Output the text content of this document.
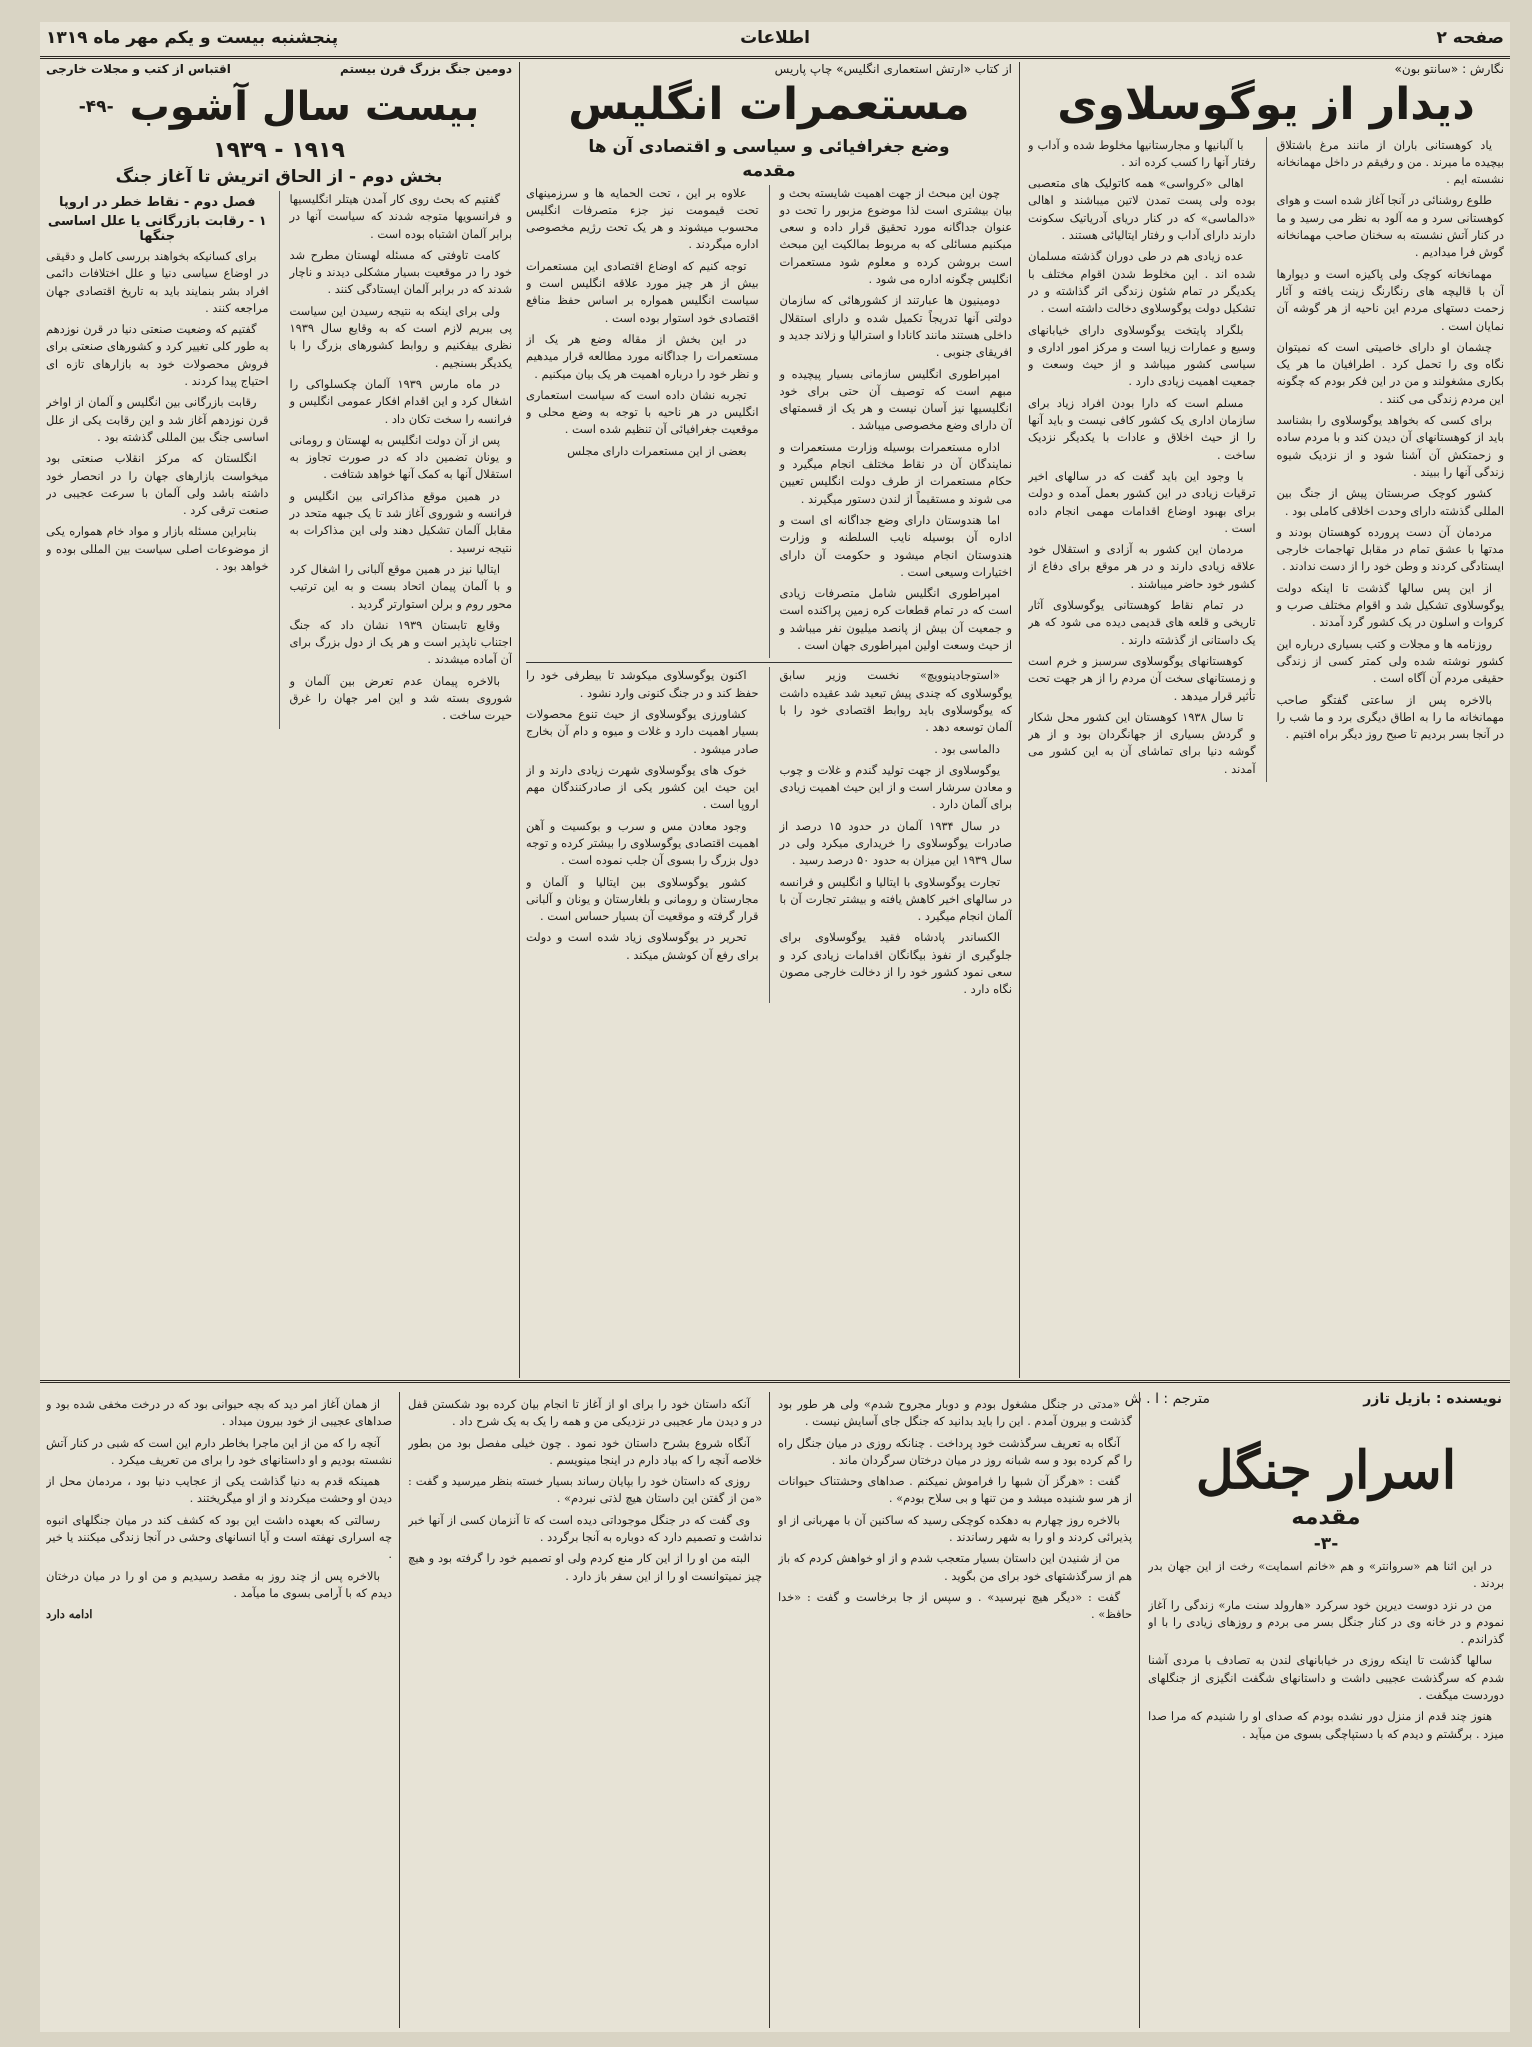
صفحه ۲
اطلاعات
پنجشنبه بیست و یکم مهر ماه ۱۳۱۹
نگارش : «سانتو بون»
دیدار از یوگوسلاوی

یاد کوهستانی باران از مانند مرغ باشتلاق بیچیده ما میرند . من و رفیقم در داخل مهمانخانه نشسته ایم .

طلوع روشنائی در آنجا آغاز شده است و هوای کوهستانی سرد و مه آلود به نظر می رسید و ما در کنار آتش نشسته به سخنان صاحب مهمانخانه گوش فرا میدادیم .

مهمانخانه کوچک ولی پاکیزه است و دیوارها آن با قالیچه های رنگارنگ زینت یافته و آثار زحمت دستهای مردم این ناحیه از هر گوشه آن نمایان است .

چشمان او دارای خاصیتی است که نمیتوان نگاه وی را تحمل کرد . اطرافیان ما هر یک بکاری مشغولند و من در این فکر بودم که چگونه این مردم زندگی می کنند .

برای کسی که بخواهد یوگوسلاوی را بشناسد باید از کوهستانهای آن دیدن کند و با مردم ساده و زحمتکش آن آشنا شود و از نزدیک شیوه زندگی آنها را ببیند .

کشور کوچک صربستان پیش از جنگ بین المللی گذشته دارای وحدت اخلاقی کاملی بود .

مردمان آن دست پرورده کوهستان بودند و مدتها با عشق تمام در مقابل تهاجمات خارجی ایستادگی کردند و وطن خود را از دست ندادند .

از این پس سالها گذشت تا اینکه دولت یوگوسلاوی تشکیل شد و اقوام مختلف صرب و کروات و اسلون در یک کشور گرد آمدند .

روزنامه ها و مجلات و کتب بسیاری درباره این کشور نوشته شده ولی کمتر کسی از زندگی حقیقی مردم آن آگاه است .

بالاخره پس از ساعتی گفتگو صاحب مهمانخانه ما را به اطاق دیگری برد و ما شب را در آنجا بسر بردیم تا صبح روز دیگر براه افتیم .

با آلبانیها و مجارستانیها مخلوط شده و آداب و رفتار آنها را کسب کرده اند .

اهالی «کرواسی» همه کاتولیک های متعصبی بوده ولی پست تمدن لاتین میباشند و اهالی «دالماسی» که در کنار دریای آدریاتیک سکونت دارند دارای آداب و رفتار ایتالیائی هستند .

عده زیادی هم در طی دوران گذشته مسلمان شده اند . این مخلوط شدن اقوام مختلف با یکدیگر در تمام شئون زندگی اثر گذاشته و در تشکیل دولت یوگوسلاوی دخالت داشته است .

بلگراد پایتخت یوگوسلاوی دارای خیابانهای وسیع و عمارات زیبا است و مرکز امور اداری و سیاسی کشور میباشد و از حیث وسعت و جمعیت اهمیت زیادی دارد .

مسلم است که دارا بودن افراد زیاد برای سازمان اداری یک کشور کافی نیست و باید آنها را از حیث اخلاق و عادات با یکدیگر نزدیک ساخت .

با وجود این باید گفت که در سالهای اخیر ترقیات زیادی در این کشور بعمل آمده و دولت برای بهبود اوضاع اقدامات مهمی انجام داده است .

مردمان این کشور به آزادی و استقلال خود علاقه زیادی دارند و در هر موقع برای دفاع از کشور خود حاضر میباشند .

در تمام نقاط کوهستانی یوگوسلاوی آثار تاریخی و قلعه های قدیمی دیده می شود که هر یک داستانی از گذشته دارند .

کوهستانهای یوگوسلاوی سرسبز و خرم است و زمستانهای سخت آن مردم را از هر جهت تحت تأثیر قرار میدهد .

تا سال ۱۹۳۸ کوهستان این کشور محل شکار و گردش بسیاری از جهانگردان بود و از هر گوشه دنیا برای تماشای آن به این کشور می آمدند .

از کتاب «ارتش استعماری انگلیس» چاپ پاریس
مستعمرات انگلیس
وضع جغرافیائی و سیاسی و اقتصادی آن ها
مقدمه

چون این مبحث از جهت اهمیت شایسته بحث و بیان بیشتری است لذا موضوع مزبور را تحت دو عنوان جداگانه مورد تحقیق قرار داده و سعی میکنیم مسائلی که به مربوط بمالکیت این مبحث است بروشن کرده و معلوم شود مستعمرات انگلیس چگونه اداره می شود .

دومینیون ها عبارتند از کشورهائی که سازمان دولتی آنها تدریجاً تکمیل شده و دارای استقلال داخلی هستند مانند کانادا و استرالیا و زلاند جدید و افریقای جنوبی .

امپراطوری انگلیس سازمانی بسیار پیچیده و مبهم است که توصیف آن حتی برای خود انگلیسیها نیز آسان نیست و هر یک از قسمتهای آن دارای وضع مخصوصی میباشد .

اداره مستعمرات بوسیله وزارت مستعمرات و نمایندگان آن در نقاط مختلف انجام میگیرد و حکام مستعمرات از طرف دولت انگلیس تعیین می شوند و مستقیماً از لندن دستور میگیرند .

اما هندوستان دارای وضع جداگانه ای است و اداره آن بوسیله نایب السلطنه و وزارت هندوستان انجام میشود و حکومت آن دارای اختیارات وسیعی است .

امپراطوری انگلیس شامل متصرفات زیادی است که در تمام قطعات کره زمین پراکنده است و جمعیت آن بیش از پانصد میلیون نفر میباشد و از حیث وسعت اولین امپراطوری جهان است .

علاوه بر این ، تحت الحمایه ها و سرزمینهای تحت قیمومت نیز جزء متصرفات انگلیس محسوب میشوند و هر یک تحت رژیم مخصوصی اداره میگردند .

توجه کنیم که اوضاع اقتصادی این مستعمرات بیش از هر چیز مورد علاقه انگلیس است و سیاست انگلیس همواره بر اساس حفظ منافع اقتصادی خود استوار بوده است .

در این بخش از مقاله وضع هر یک از مستعمرات را جداگانه مورد مطالعه قرار میدهیم و نظر خود را درباره اهمیت هر یک بیان میکنیم .

تجربه نشان داده است که سیاست استعماری انگلیس در هر ناحیه با توجه به وضع محلی و موقعیت جغرافیائی آن تنظیم شده است .

بعضی از این مستعمرات دارای مجلس

«استوجادینوویچ» نخست وزیر سابق یوگوسلاوی که چندی پیش تبعید شد عقیده داشت که یوگوسلاوی باید روابط اقتصادی خود را با آلمان توسعه دهد .

دالماسی بود .

یوگوسلاوی از جهت تولید گندم و غلات و چوب و معادن سرشار است و از این حیث اهمیت زیادی برای آلمان دارد .

در سال ۱۹۳۴ آلمان در حدود ۱۵ درصد از صادرات یوگوسلاوی را خریداری میکرد ولی در سال ۱۹۳۹ این میزان به حدود ۵۰ درصد رسید .

تجارت یوگوسلاوی با ایتالیا و انگلیس و فرانسه در سالهای اخیر کاهش یافته و بیشتر تجارت آن با آلمان انجام میگیرد .

الکساندر پادشاه فقید یوگوسلاوی برای جلوگیری از نفوذ بیگانگان اقدامات زیادی کرد و سعی نمود کشور خود را از دخالت خارجی مصون نگاه دارد .

اکنون یوگوسلاوی میکوشد تا بیطرفی خود را حفظ کند و در جنگ کنونی وارد نشود .

کشاورزی یوگوسلاوی از حیث تنوع محصولات بسیار اهمیت دارد و غلات و میوه و دام آن بخارج صادر میشود .

خوک های یوگوسلاوی شهرت زیادی دارند و از این حیث این کشور یکی از صادرکنندگان مهم اروپا است .

وجود معادن مس و سرب و بوکسیت و آهن اهمیت اقتصادی یوگوسلاوی را بیشتر کرده و توجه دول بزرگ را بسوی آن جلب نموده است .

کشور یوگوسلاوی بین ایتالیا و آلمان و مجارستان و رومانی و بلغارستان و یونان و آلبانی قرار گرفته و موقعیت آن بسیار حساس است .

تحریر در یوگوسلاوی زیاد شده است و دولت برای رفع آن کوشش میکند .

دومین جنگ بزرگ قرن بیستم
اقتباس از کتب و مجلات خارجی
بیست سال آشوب
-۴۹-
۱۹۱۹ - ۱۹۳۹
بخش دوم - از الحاق اتریش تا آغاز جنگ

گفتیم که بحث روی کار آمدن هیتلر انگلیسیها و فرانسویها متوجه شدند که سیاست آنها در برابر آلمان اشتباه بوده است .

کامت تاوفتی که مسئله لهستان مطرح شد خود را در موقعیت بسیار مشکلی دیدند و ناچار شدند که در برابر آلمان ایستادگی کنند .

ولی برای اینکه به نتیجه رسیدن این سیاست پی ببریم لازم است که به وقایع سال ۱۹۳۹ نظری بیفکنیم و روابط کشورهای بزرگ را با یکدیگر بسنجیم .

در ماه مارس ۱۹۳۹ آلمان چکسلواکی را اشغال کرد و این اقدام افکار عمومی انگلیس و فرانسه را سخت تکان داد .

پس از آن دولت انگلیس به لهستان و رومانی و یونان تضمین داد که در صورت تجاوز به استقلال آنها به کمک آنها خواهد شتافت .

در همین موقع مذاکراتی بین انگلیس و فرانسه و شوروی آغاز شد تا یک جبهه متحد در مقابل آلمان تشکیل دهند ولی این مذاکرات به نتیجه نرسید .

ایتالیا نیز در همین موقع آلبانی را اشغال کرد و با آلمان پیمان اتحاد بست و به این ترتیب محور روم و برلن استوارتر گردید .

وقایع تابستان ۱۹۳۹ نشان داد که جنگ اجتناب ناپذیر است و هر یک از دول بزرگ برای آن آماده میشدند .

بالاخره پیمان عدم تعرض بین آلمان و شوروی بسته شد و این امر جهان را غرق حیرت ساخت .

فصل دوم - نقاط خطر در اروپا
۱ - رقابت بازرگانی یا علل اساسی جنگها

برای کسانیکه بخواهند بررسی کامل و دقیقی در اوضاع سیاسی دنیا و علل اختلافات دائمی افراد بشر بنمایند باید به تاریخ اقتصادی جهان مراجعه کنند .

گفتیم که وضعیت صنعتی دنیا در قرن نوزدهم به طور کلی تغییر کرد و کشورهای صنعتی برای فروش محصولات خود به بازارهای تازه ای احتیاج پیدا کردند .

رقابت بازرگانی بین انگلیس و آلمان از اواخر قرن نوزدهم آغاز شد و این رقابت یکی از علل اساسی جنگ بین المللی گذشته بود .

انگلستان که مرکز انقلاب صنعتی بود میخواست بازارهای جهان را در انحصار خود داشته باشد ولی آلمان با سرعت عجیبی در صنعت ترقی کرد .

بنابراین مسئله بازار و مواد خام همواره یکی از موضوعات اصلی سیاست بین المللی بوده و خواهد بود .

نویسنده : بازیل تازر
مترجم : ا . ش
اسرار جنگل
مقدمه
-۳-

در این اثنا هم «سروانتر» و هم «خانم اسمایت» رخت از این جهان بدر بردند .

من در نزد دوست دیرین خود سرکرد «هارولد سنت مار» زندگی را آغاز نمودم و در خانه وی در کنار جنگل بسر می بردم و روزهای زیادی را با او گذراندم .

سالها گذشت تا اینکه روزی در خیابانهای لندن به تصادف با مردی آشنا شدم که سرگذشت عجیبی داشت و داستانهای شگفت انگیزی از جنگلهای دوردست میگفت .

هنوز چند قدم از منزل دور نشده بودم که صدای او را شنیدم که مرا صدا میزد . برگشتم و دیدم که با دستپاچگی بسوی من میآید .

«مدتی در جنگل مشغول بودم و دوبار مجروح شدم» ولی هر طور بود گذشت و بیرون آمدم . این را باید بدانید که جنگل جای آسایش نیست .

آنگاه به تعریف سرگذشت خود پرداخت . چنانکه روزی در میان جنگل راه را گم کرده بود و سه شبانه روز در میان درختان سرگردان ماند .

گفت : «هرگز آن شبها را فراموش نمیکنم . صداهای وحشتناک حیوانات از هر سو شنیده میشد و من تنها و بی سلاح بودم» .

بالاخره روز چهارم به دهکده کوچکی رسید که ساکنین آن با مهربانی از او پذیرائی کردند و او را به شهر رساندند .

من از شنیدن این داستان بسیار متعجب شدم و از او خواهش کردم که باز هم از سرگذشتهای خود برای من بگوید .

گفت : «دیگر هیچ نپرسید» . و سپس از جا برخاست و گفت : «خدا حافظ» .

آنکه داستان خود را برای او از آغاز تا انجام بیان کرده بود شکستن قفل در و دیدن مار عجیبی در نزدیکی من و همه را یک به یک شرح داد .

آنگاه شروع بشرح داستان خود نمود . چون خیلی مفصل بود من بطور خلاصه آنچه را که بیاد دارم در اینجا مینویسم .

روزی که داستان خود را بپایان رساند بسیار خسته بنظر میرسید و گفت : «من از گفتن این داستان هیچ لذتی نبردم» .

وی گفت که در جنگل موجوداتی دیده است که تا آنزمان کسی از آنها خبر نداشت و تصمیم دارد که دوباره به آنجا برگردد .

البته من او را از این کار منع کردم ولی او تصمیم خود را گرفته بود و هیچ چیز نمیتوانست او را از این سفر باز دارد .

از همان آغاز امر دید که بچه حیوانی بود که در درخت مخفی شده بود و صداهای عجیبی از خود بیرون میداد .

آنچه را که من از این ماجرا بخاطر دارم این است که شبی در کنار آتش نشسته بودیم و او داستانهای خود را برای من تعریف میکرد .

همینکه قدم به دنیا گذاشت یکی از عجایب دنیا بود ، مردمان محل از دیدن او وحشت میکردند و از او میگریختند .

رسالتی که بعهده داشت این بود که کشف کند در میان جنگلهای انبوه چه اسراری نهفته است و آیا انسانهای وحشی در آنجا زندگی میکنند یا خیر .

بالاخره پس از چند روز به مقصد رسیدیم و من او را در میان درختان دیدم که با آرامی بسوی ما میآمد .

ادامه دارد
